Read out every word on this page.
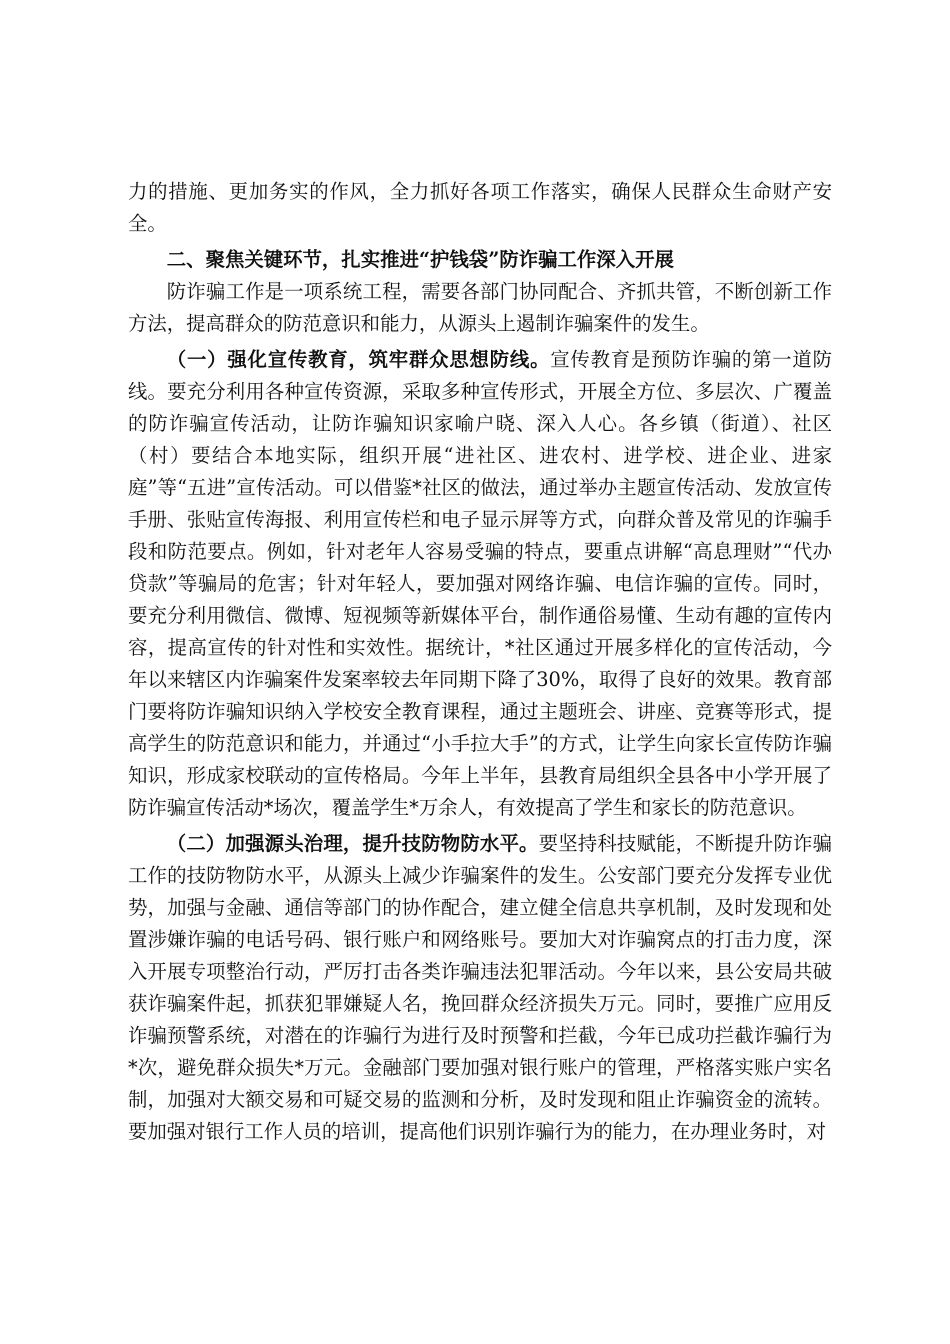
力的措施、更加务实的作风，全力抓好各项工作落实，确保人民群众生命财产安全。

二、聚焦关键环节，扎实推进“护钱袋”防诈骗工作深入开展

防诈骗工作是一项系统工程，需要各部门协同配合、齐抓共管，不断创新工作方法，提高群众的防范意识和能力，从源头上遏制诈骗案件的发生。

（一）强化宣传教育，筑牢群众思想防线。宣传教育是预防诈骗的第一道防线。要充分利用各种宣传资源，采取多种宣传形式，开展全方位、多层次、广覆盖的防诈骗宣传活动，让防诈骗知识家喻户晓、深入人心。各乡镇（街道）、社区（村）要结合本地实际，组织开展“进社区、进农村、进学校、进企业、进家庭”等“五进”宣传活动。可以借鉴*社区的做法，通过举办主题宣传活动、发放宣传手册、张贴宣传海报、利用宣传栏和电子显示屏等方式，向群众普及常见的诈骗手段和防范要点。例如，针对老年人容易受骗的特点，要重点讲解“高息理财”“代办贷款”等骗局的危害；针对年轻人，要加强对网络诈骗、电信诈骗的宣传。同时，要充分利用微信、微博、短视频等新媒体平台，制作通俗易懂、生动有趣的宣传内容，提高宣传的针对性和实效性。据统计，*社区通过开展多样化的宣传活动，今年以来辖区内诈骗案件发案率较去年同期下降了30%，取得了良好的效果。教育部门要将防诈骗知识纳入学校安全教育课程，通过主题班会、讲座、竞赛等形式，提高学生的防范意识和能力，并通过“小手拉大手”的方式，让学生向家长宣传防诈骗知识，形成家校联动的宣传格局。今年上半年，县教育局组织全县各中小学开展了防诈骗宣传活动*场次，覆盖学生*万余人，有效提高了学生和家长的防范意识。

（二）加强源头治理，提升技防物防水平。要坚持科技赋能，不断提升防诈骗工作的技防物防水平，从源头上减少诈骗案件的发生。公安部门要充分发挥专业优势，加强与金融、通信等部门的协作配合，建立健全信息共享机制，及时发现和处置涉嫌诈骗的电话号码、银行账户和网络账号。要加大对诈骗窝点的打击力度，深入开展专项整治行动，严厉打击各类诈骗违法犯罪活动。今年以来，县公安局共破获诈骗案件起，抓获犯罪嫌疑人名，挽回群众经济损失万元。同时，要推广应用反诈骗预警系统，对潜在的诈骗行为进行及时预警和拦截，今年已成功拦截诈骗行为*次，避免群众损失*万元。金融部门要加强对银行账户的管理，严格落实账户实名制，加强对大额交易和可疑交易的监测和分析，及时发现和阻止诈骗资金的流转。要加强对银行工作人员的培训，提高他们识别诈骗行为的能力，在办理业务时，对
